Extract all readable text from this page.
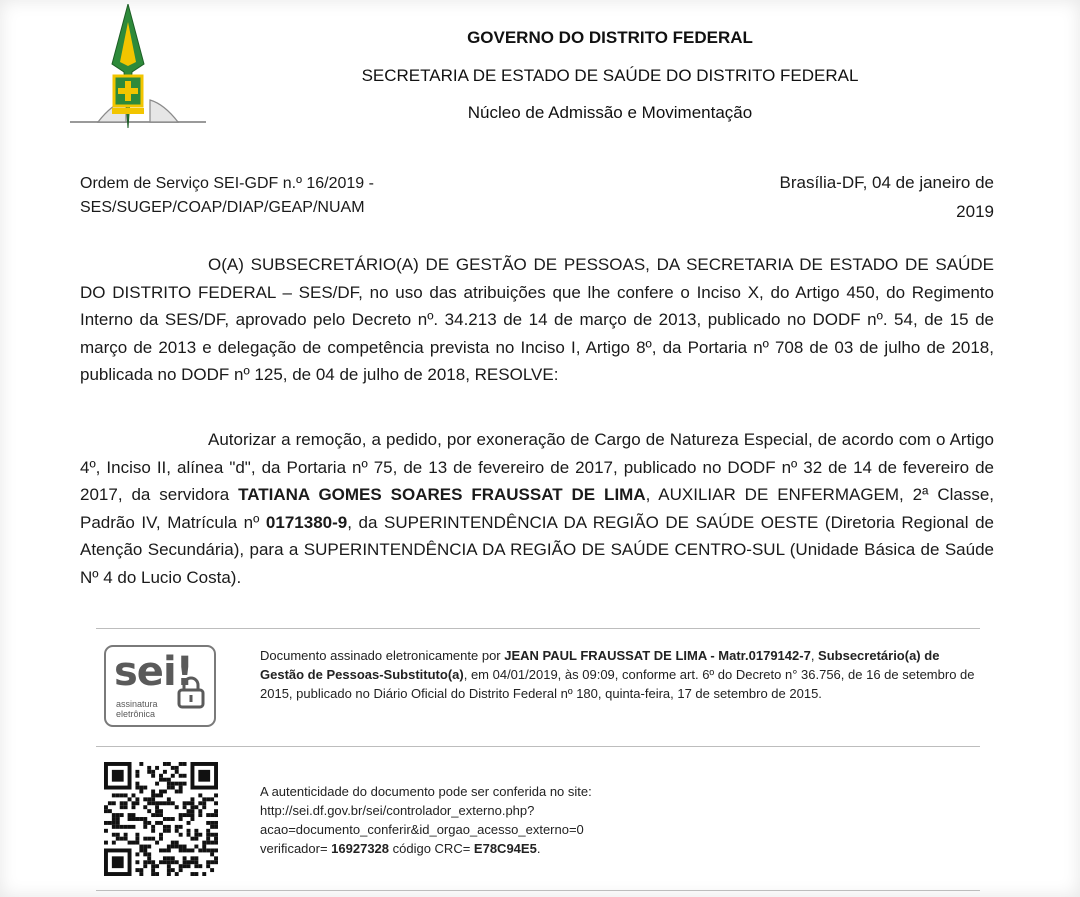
GOVERNO DO DISTRITO FEDERAL
SECRETARIA DE ESTADO DE SAÚDE DO DISTRITO FEDERAL
Núcleo de Admissão e Movimentação
Ordem de Serviço SEI-GDF n.º 16/2019 -
SES/SUGEP/COAP/DIAP/GEAP/NUAM
Brasília-DF, 04 de janeiro de
2019

O(A) SUBSECRETÁRIO(A) DE GESTÃO DE PESSOAS, DA SECRETARIA DE ESTADO DE SAÚDE DO DISTRITO FEDERAL – SES/DF, no uso das atribuições que lhe confere o Inciso X, do Artigo 450, do Regimento Interno da SES/DF, aprovado pelo Decreto nº. 34.213 de 14 de março de 2013, publicado no DODF nº. 54, de 15 de março de 2013 e delegação de competência prevista no Inciso I, Artigo 8º, da Portaria nº 708 de 03 de julho de 2018, publicada no DODF nº 125, de 04 de julho de 2018, RESOLVE:

Autorizar a remoção, a pedido, por exoneração de Cargo de Natureza Especial, de acordo com o Artigo 4º, Inciso II, alínea "d", da Portaria nº 75, de 13 de fevereiro de 2017, publicado no DODF nº 32 de 14 de fevereiro de 2017, da servidora TATIANA GOMES SOARES FRAUSSAT DE LIMA, AUXILIAR DE ENFERMAGEM, 2ª Classe, Padrão IV, Matrícula nº 0171380-9, da SUPERINTENDÊNCIA DA REGIÃO DE SAÚDE OESTE (Diretoria Regional de Atenção Secundária), para a SUPERINTENDÊNCIA DA REGIÃO DE SAÚDE CENTRO-SUL (Unidade Básica de Saúde Nº 4 do Lucio Costa).

sei!
assinatura
eletrônica
Documento assinado eletronicamente por JEAN PAUL FRAUSSAT DE LIMA - Matr.0179142-7, Subsecretário(a) de Gestão de Pessoas-Substituto(a), em 04/01/2019, às 09:09, conforme art. 6º do Decreto n° 36.756, de 16 de setembro de 2015, publicado no Diário Oficial do Distrito Federal nº 180, quinta-feira, 17 de setembro de 2015.
A autenticidade do documento pode ser conferida no site:
http://sei.df.gov.br/sei/controlador_externo.php?
acao=documento_conferir&id_orgao_acesso_externo=0
verificador= 16927328 código CRC= E78C94E5.
